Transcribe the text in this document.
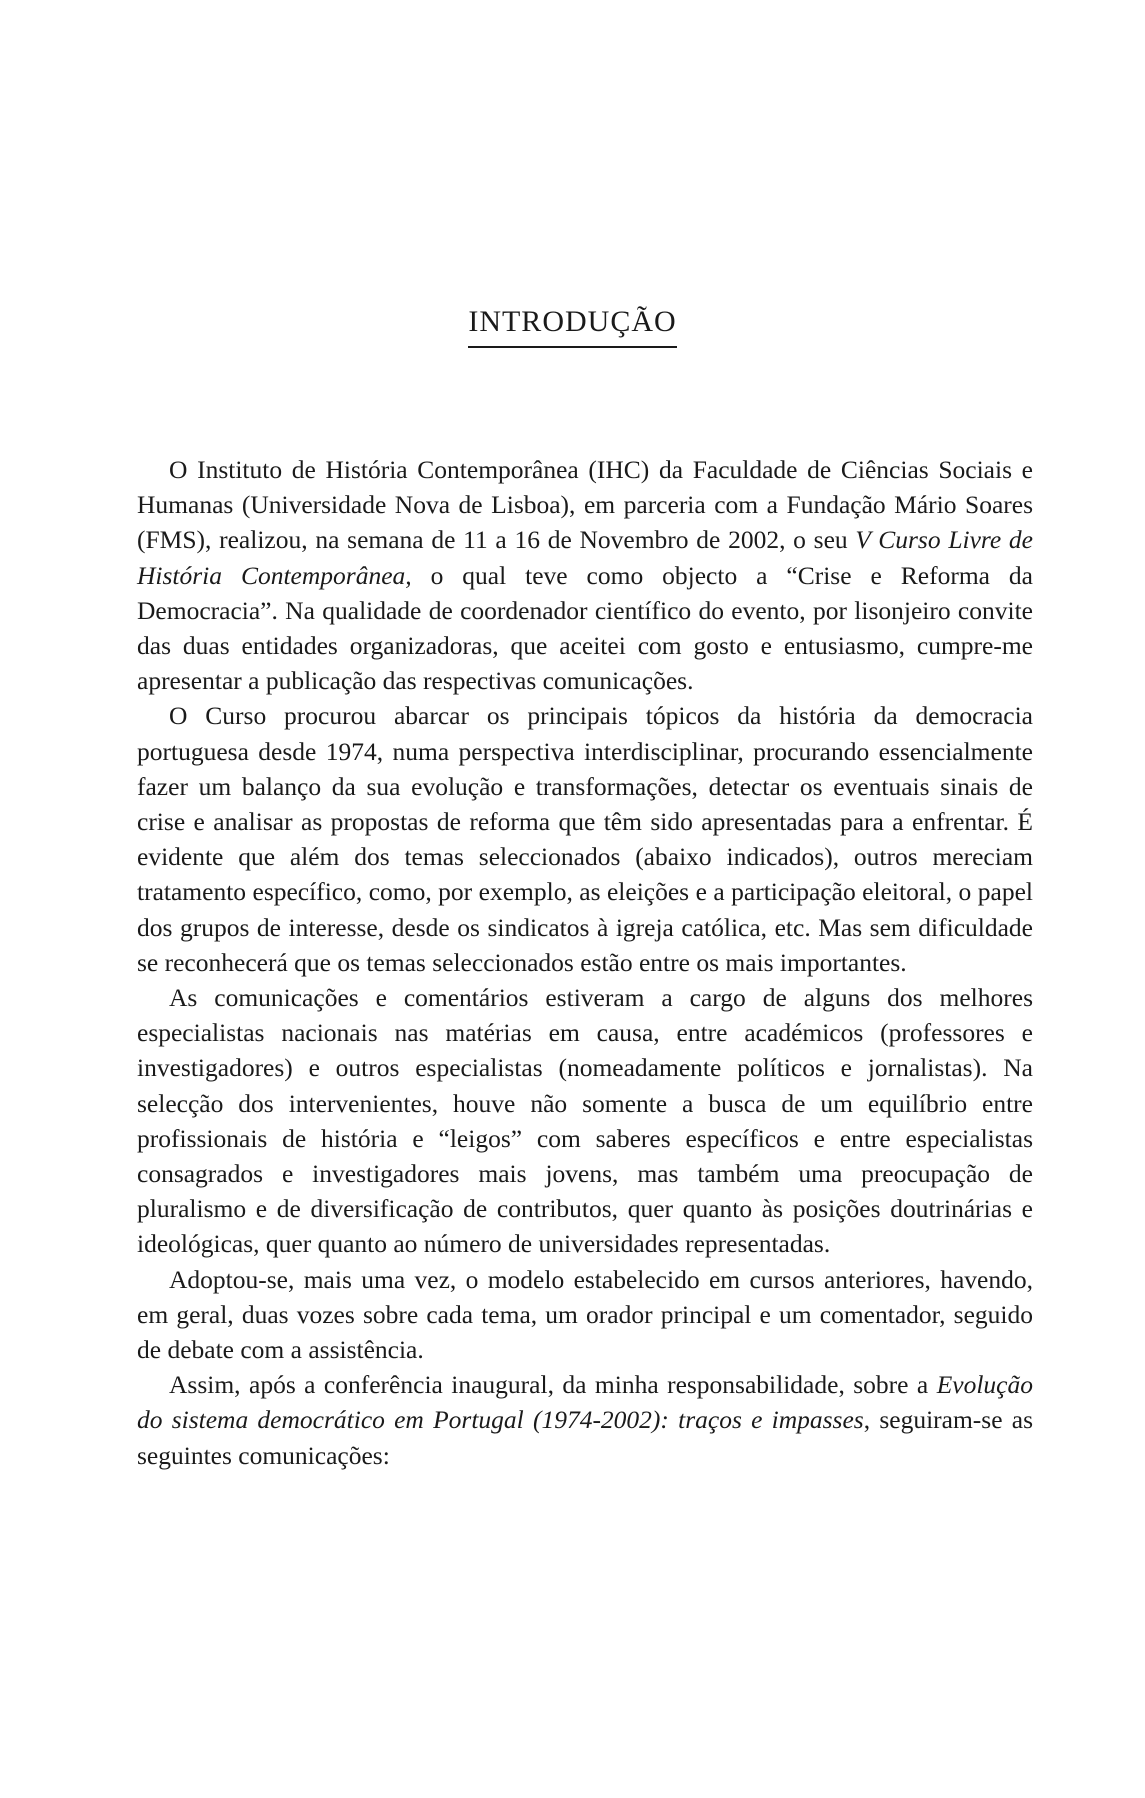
INTRODUÇÃO

O Instituto de História Contemporânea (IHC) da Faculdade de Ciências Sociais e Humanas (Universidade Nova de Lisboa), em parceria com a Fundação Mário Soares (FMS), realizou, na semana de 11 a 16 de Novembro de 2002, o seu V Curso Livre de História Contemporânea, o qual teve como objecto a “Crise e Reforma da Democracia”. Na qualidade de coordenador científico do evento, por lisonjeiro convite das duas entidades organizadoras, que aceitei com gosto e entusiasmo, cumpre-me apresentar a publicação das respectivas comunicações.

O Curso procurou abarcar os principais tópicos da história da democracia portuguesa desde 1974, numa perspectiva interdisciplinar, procurando essencialmente fazer um balanço da sua evolução e transformações, detectar os eventuais sinais de crise e analisar as propostas de reforma que têm sido apresentadas para a enfrentar. É evidente que além dos temas seleccionados (abaixo indicados), outros mereciam tratamento específico, como, por exemplo, as eleições e a participação eleitoral, o papel dos grupos de interesse, desde os sindicatos à igreja católica, etc. Mas sem dificuldade se reconhecerá que os temas seleccionados estão entre os mais importantes.

As comunicações e comentários estiveram a cargo de alguns dos melhores especialistas nacionais nas matérias em causa, entre académicos (professores e investigadores) e outros especialistas (nomeadamente políticos e jornalistas). Na selecção dos intervenientes, houve não somente a busca de um equilíbrio entre profissionais de história e “leigos” com saberes específicos e entre especialistas consagrados e investigadores mais jovens, mas também uma preocupação de pluralismo e de diversificação de contributos, quer quanto às posições doutrinárias e ideológicas, quer quanto ao número de universidades representadas.

Adoptou-se, mais uma vez, o modelo estabelecido em cursos anteriores, havendo, em geral, duas vozes sobre cada tema, um orador principal e um comentador, seguido de debate com a assistência.

Assim, após a conferência inaugural, da minha responsabilidade, sobre a Evolução do sistema democrático em Portugal (1974-2002): traços e impasses, seguiram-se as seguintes comunicações:
